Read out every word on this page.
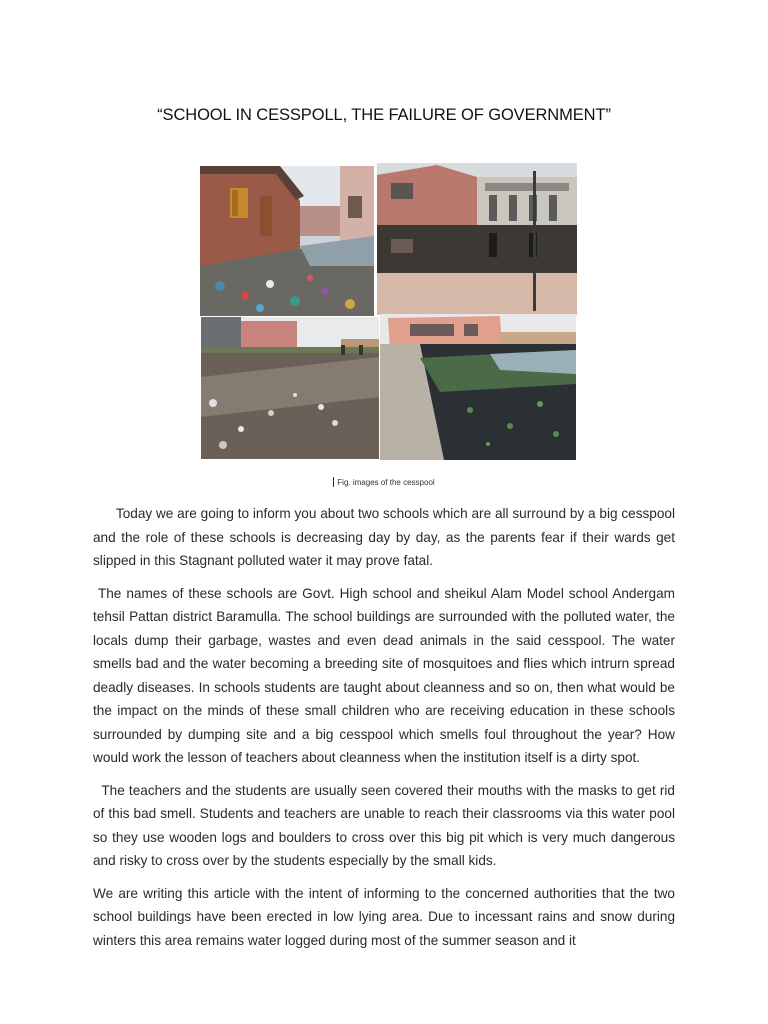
“SCHOOL IN CESSPOLL, THE FAILURE OF GOVERNMENT”
Fig. images of the cesspool

Today we are going to inform you about two schools which are all surround by a big cesspool and the role of these schools is decreasing day by day, as the parents fear if their wards get slipped in this Stagnant polluted water it may prove fatal.

The names of these schools are Govt. High school and sheikul Alam Model school Andergam tehsil Pattan district Baramulla. The school buildings are surrounded with the polluted water, the locals dump their garbage, wastes and even dead animals in the said cesspool. The water smells bad and the water becoming a breeding site of mosquitoes and flies which intrurn spread deadly diseases. In schools students are taught about cleanness and so on, then what would be the impact on the minds of these small children who are receiving education in these schools surrounded by dumping site and a big cesspool which smells foul throughout the year? How would work the lesson of teachers about cleanness when the institution itself is a dirty spot.

The teachers and the students are usually seen covered their mouths with the masks to get rid of this bad smell. Students and teachers are unable to reach their classrooms via this water pool so they use wooden logs and boulders to cross over this big pit which is very much dangerous and risky to cross over by the students especially by the small kids.

We are writing this article with the intent of informing to the concerned authorities that the two school buildings have been erected in low lying area. Due to incessant rains and snow during winters this area remains water logged during most of the summer season and it
